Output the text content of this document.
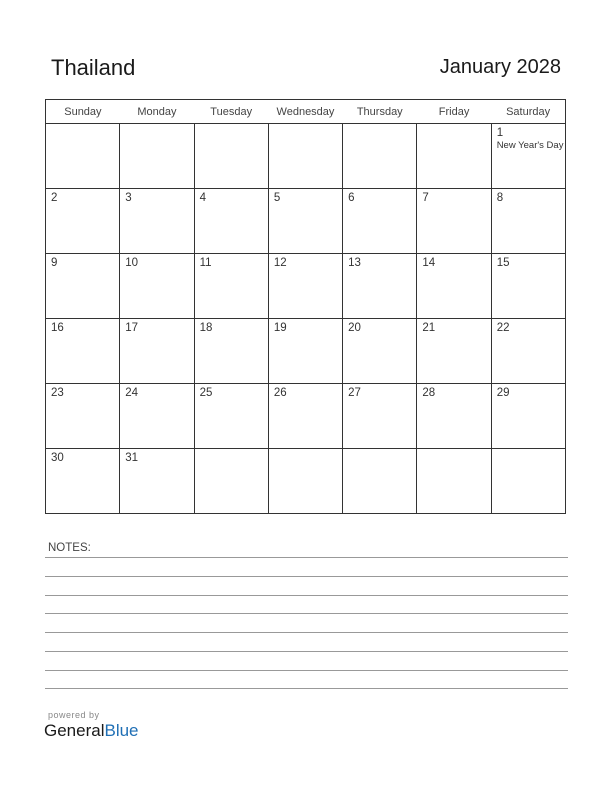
Thailand	January 2028
Sunday	Monday	Tuesday	Wednesday	Thursday	Friday	Saturday

						1
New Year's Day

2	3	4	5	6	7	8

9	10	11	12	13	14	15

16	17	18	19	20	21	22

23	24	25	26	27	28	29

30	31					

NOTES:
powered by
GeneralBlue
